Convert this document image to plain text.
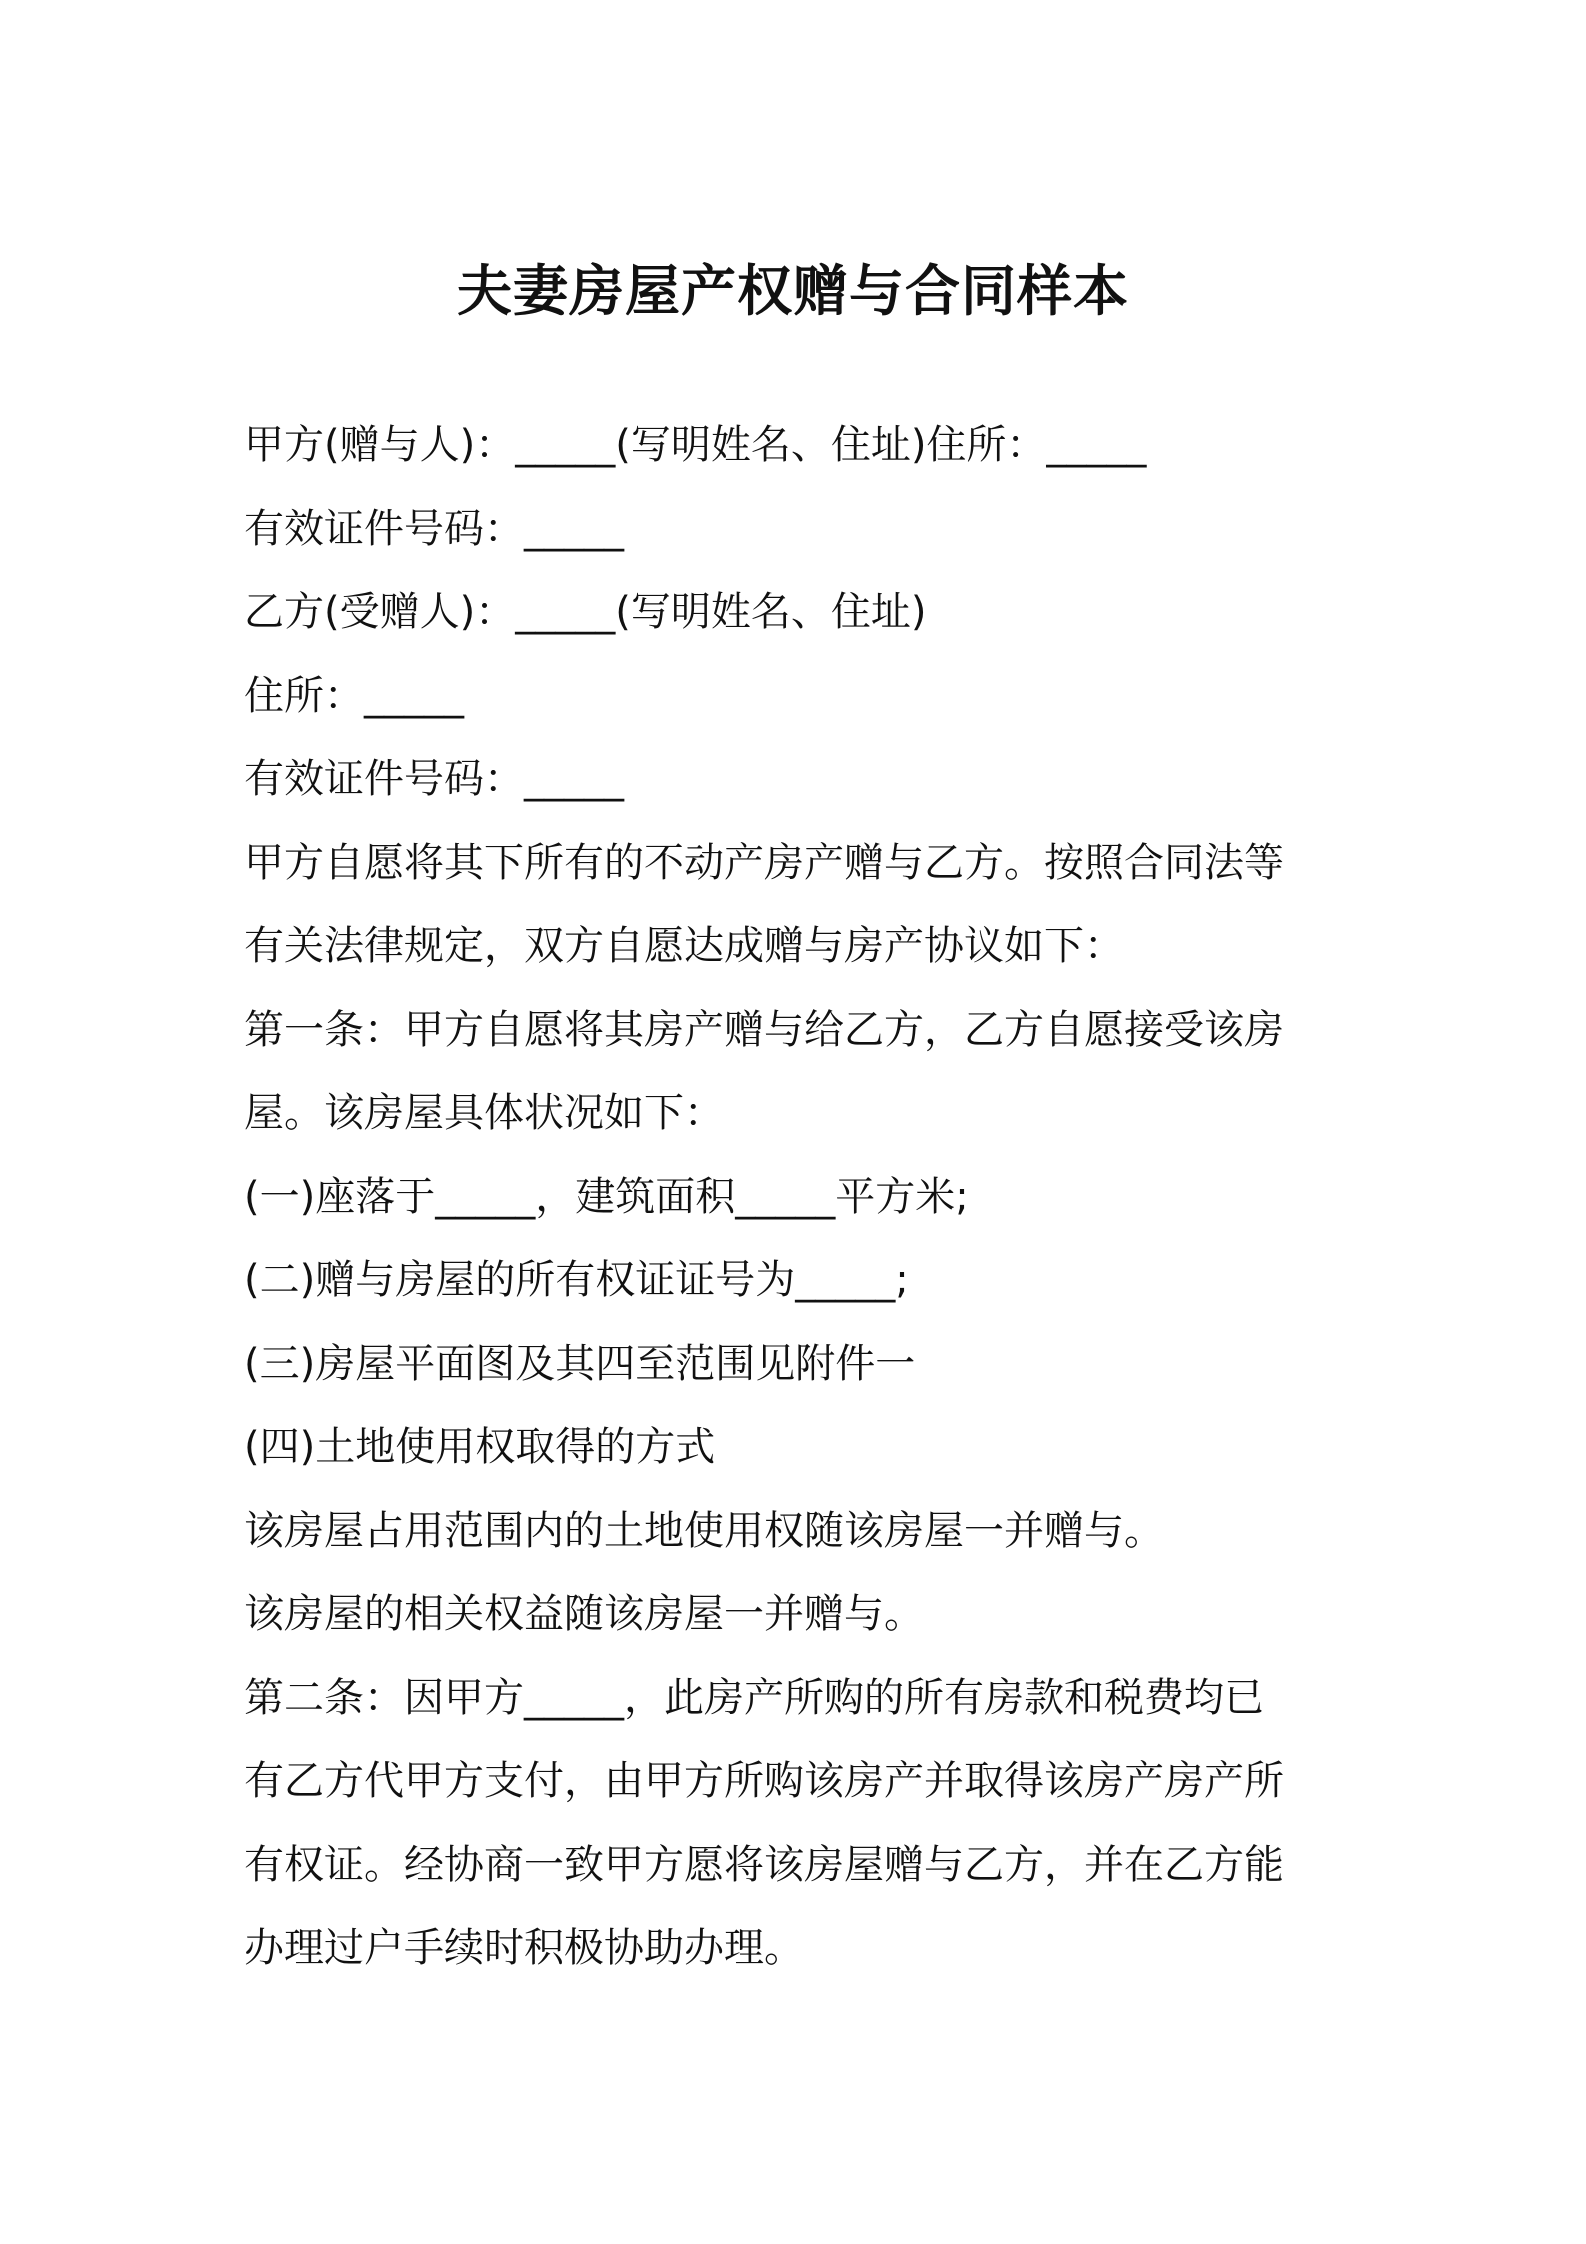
夫妻房屋产权赠与合同样本

甲方(赠与人)：_____(写明姓名、住址)住所：_____

有效证件号码：_____

乙方(受赠人)：_____(写明姓名、住址)

住所：_____

有效证件号码：_____

甲方自愿将其下所有的不动产房产赠与乙方。按照合同法等

有关法律规定，双方自愿达成赠与房产协议如下：

第一条：甲方自愿将其房产赠与给乙方，乙方自愿接受该房

屋。该房屋具体状况如下：

(一)座落于_____，建筑面积_____平方米;

(二)赠与房屋的所有权证证号为_____;

(三)房屋平面图及其四至范围见附件一

(四)土地使用权取得的方式

该房屋占用范围内的土地使用权随该房屋一并赠与。

该房屋的相关权益随该房屋一并赠与。

第二条：因甲方_____，此房产所购的所有房款和税费均已

有乙方代甲方支付，由甲方所购该房产并取得该房产房产所

有权证。经协商一致甲方愿将该房屋赠与乙方，并在乙方能

办理过户手续时积极协助办理。
